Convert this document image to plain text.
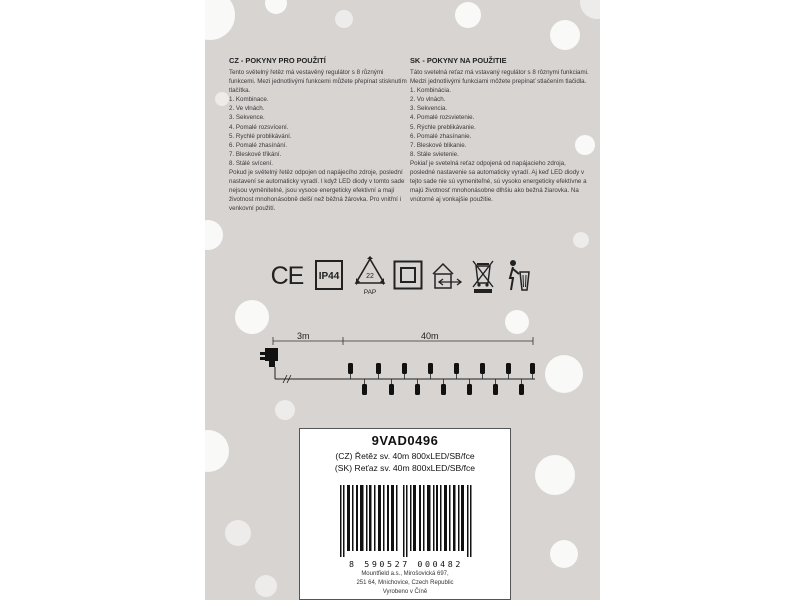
CZ - POKYNY PRO POUŽITÍ

Tento světelný řetěz má vestavěný regulátor s 8 různými funkcemi. Mezi jednotlivými funkcemi můžete přepínat stisknutím tlačítka.

1. Kombinace.

2. Ve vlnách.

3. Sekvence.

4. Pomalé rozsvícení.

5. Rychlé problikávání.

6. Pomalé zhasínání.

7. Bleskové třikání.

8. Stálé svícení.

Pokud je světelný řetěz odpojen od napájecího zdroje, poslední nastavení se automaticky vyradí. I když LED diody v tomto sade nejsou vyměnitelné, jsou vysoce energeticky efektivní a mají životnost mnohonásobně delší než běžná žárovka. Pro vnitřní i venkovní použití.

SK - POKYNY NA POUŽITIE

Táto svetelná reťaz má vstavaný regulátor s 8 rôznymi funkciami. Medzi jednotlivými funkciami môžete prepínať stlačením tlačidla.

1. Kombinácia.

2. Vo vlnách.

3. Sekvencia.

4. Pomalé rozsvietenie.

5. Rýchle preblikávanie.

6. Pomalé zhasínanie.

7. Bleskové blikanie.

8. Stále svietenie.

Pokiaľ je svetelná reťaz odpojená od napájacieho zdroja, posledné nastavenie sa automaticky vyradí. Aj keď LED diody v tejto sade nie sú vymeniteľné, sú vysoko energeticky efektívne a majú životnosť mnohonásobne dlhšiu ako bežná žiarovka. Na vnútorné aj vonkajšie použitie.

CE IP44	22
PAP
3m	40m
9VAD0496
(CZ) Řetěz sv. 40m 800xLED/SB/fce
(SK) Reťaz sv. 40m 800xLED/SB/fce
8 590527 000482
Mountfield a.s., Mirošovická 697,
251 64, Mnichovice, Czech Republic
Vyrobeno v Číně
